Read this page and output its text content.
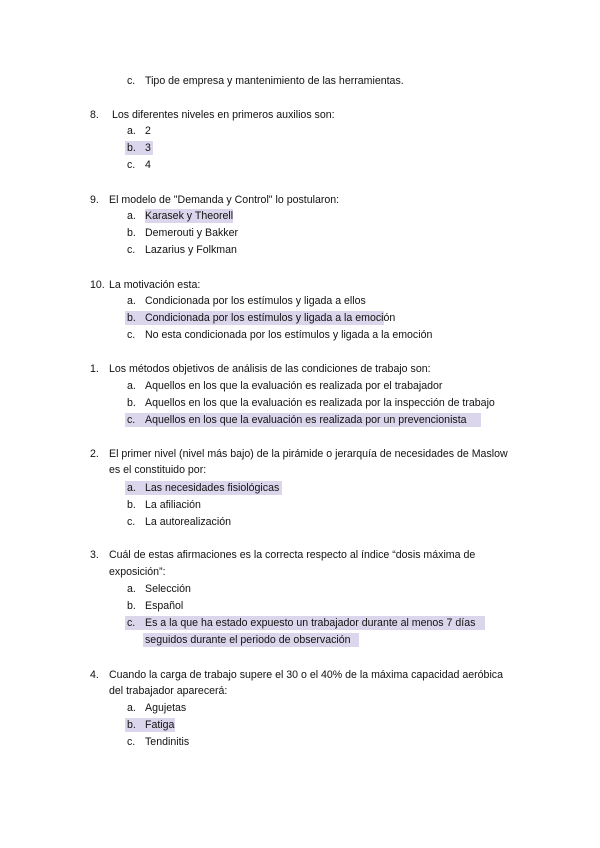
c. Tipo de empresa y mantenimiento de las herramientas.
8. Los diferentes niveles en primeros auxilios son:
a. 2
b. 3
c. 4
9. El modelo de "Demanda y Control" lo postularon:
a. Karasek y Theorell
b. Demerouti y Bakker
c. Lazarius y Folkman
10. La motivación esta:
a. Condicionada por los estímulos y ligada a ellos
b. Condicionada por los estímulos y ligada a la emoción
c. No esta condicionada por los estímulos y ligada a la emoción
1. Los métodos objetivos de análisis de las condiciones de trabajo son:
a. Aquellos en los que la evaluación es realizada por el trabajador
b. Aquellos en los que la evaluación es realizada por la inspección de trabajo
c. Aquellos en los que la evaluación es realizada por un prevencionista
2. El primer nivel (nivel más bajo) de la pirámide o jerarquía de necesidades de Maslow
es el constituido por:
a. Las necesidades fisiológicas
b. La afiliación
c. La autorealización
3. Cuál de estas afirmaciones es la correcta respecto al índice “dosis máxima de
exposición”:
a. Selección
b. Español
c. Es a la que ha estado expuesto un trabajador durante al menos 7 días
seguidos durante el periodo de observación
4. Cuando la carga de trabajo supere el 30 o el 40% de la máxima capacidad aeróbica
del trabajador aparecerá:
a. Agujetas
b. Fatiga
c. Tendinitis
